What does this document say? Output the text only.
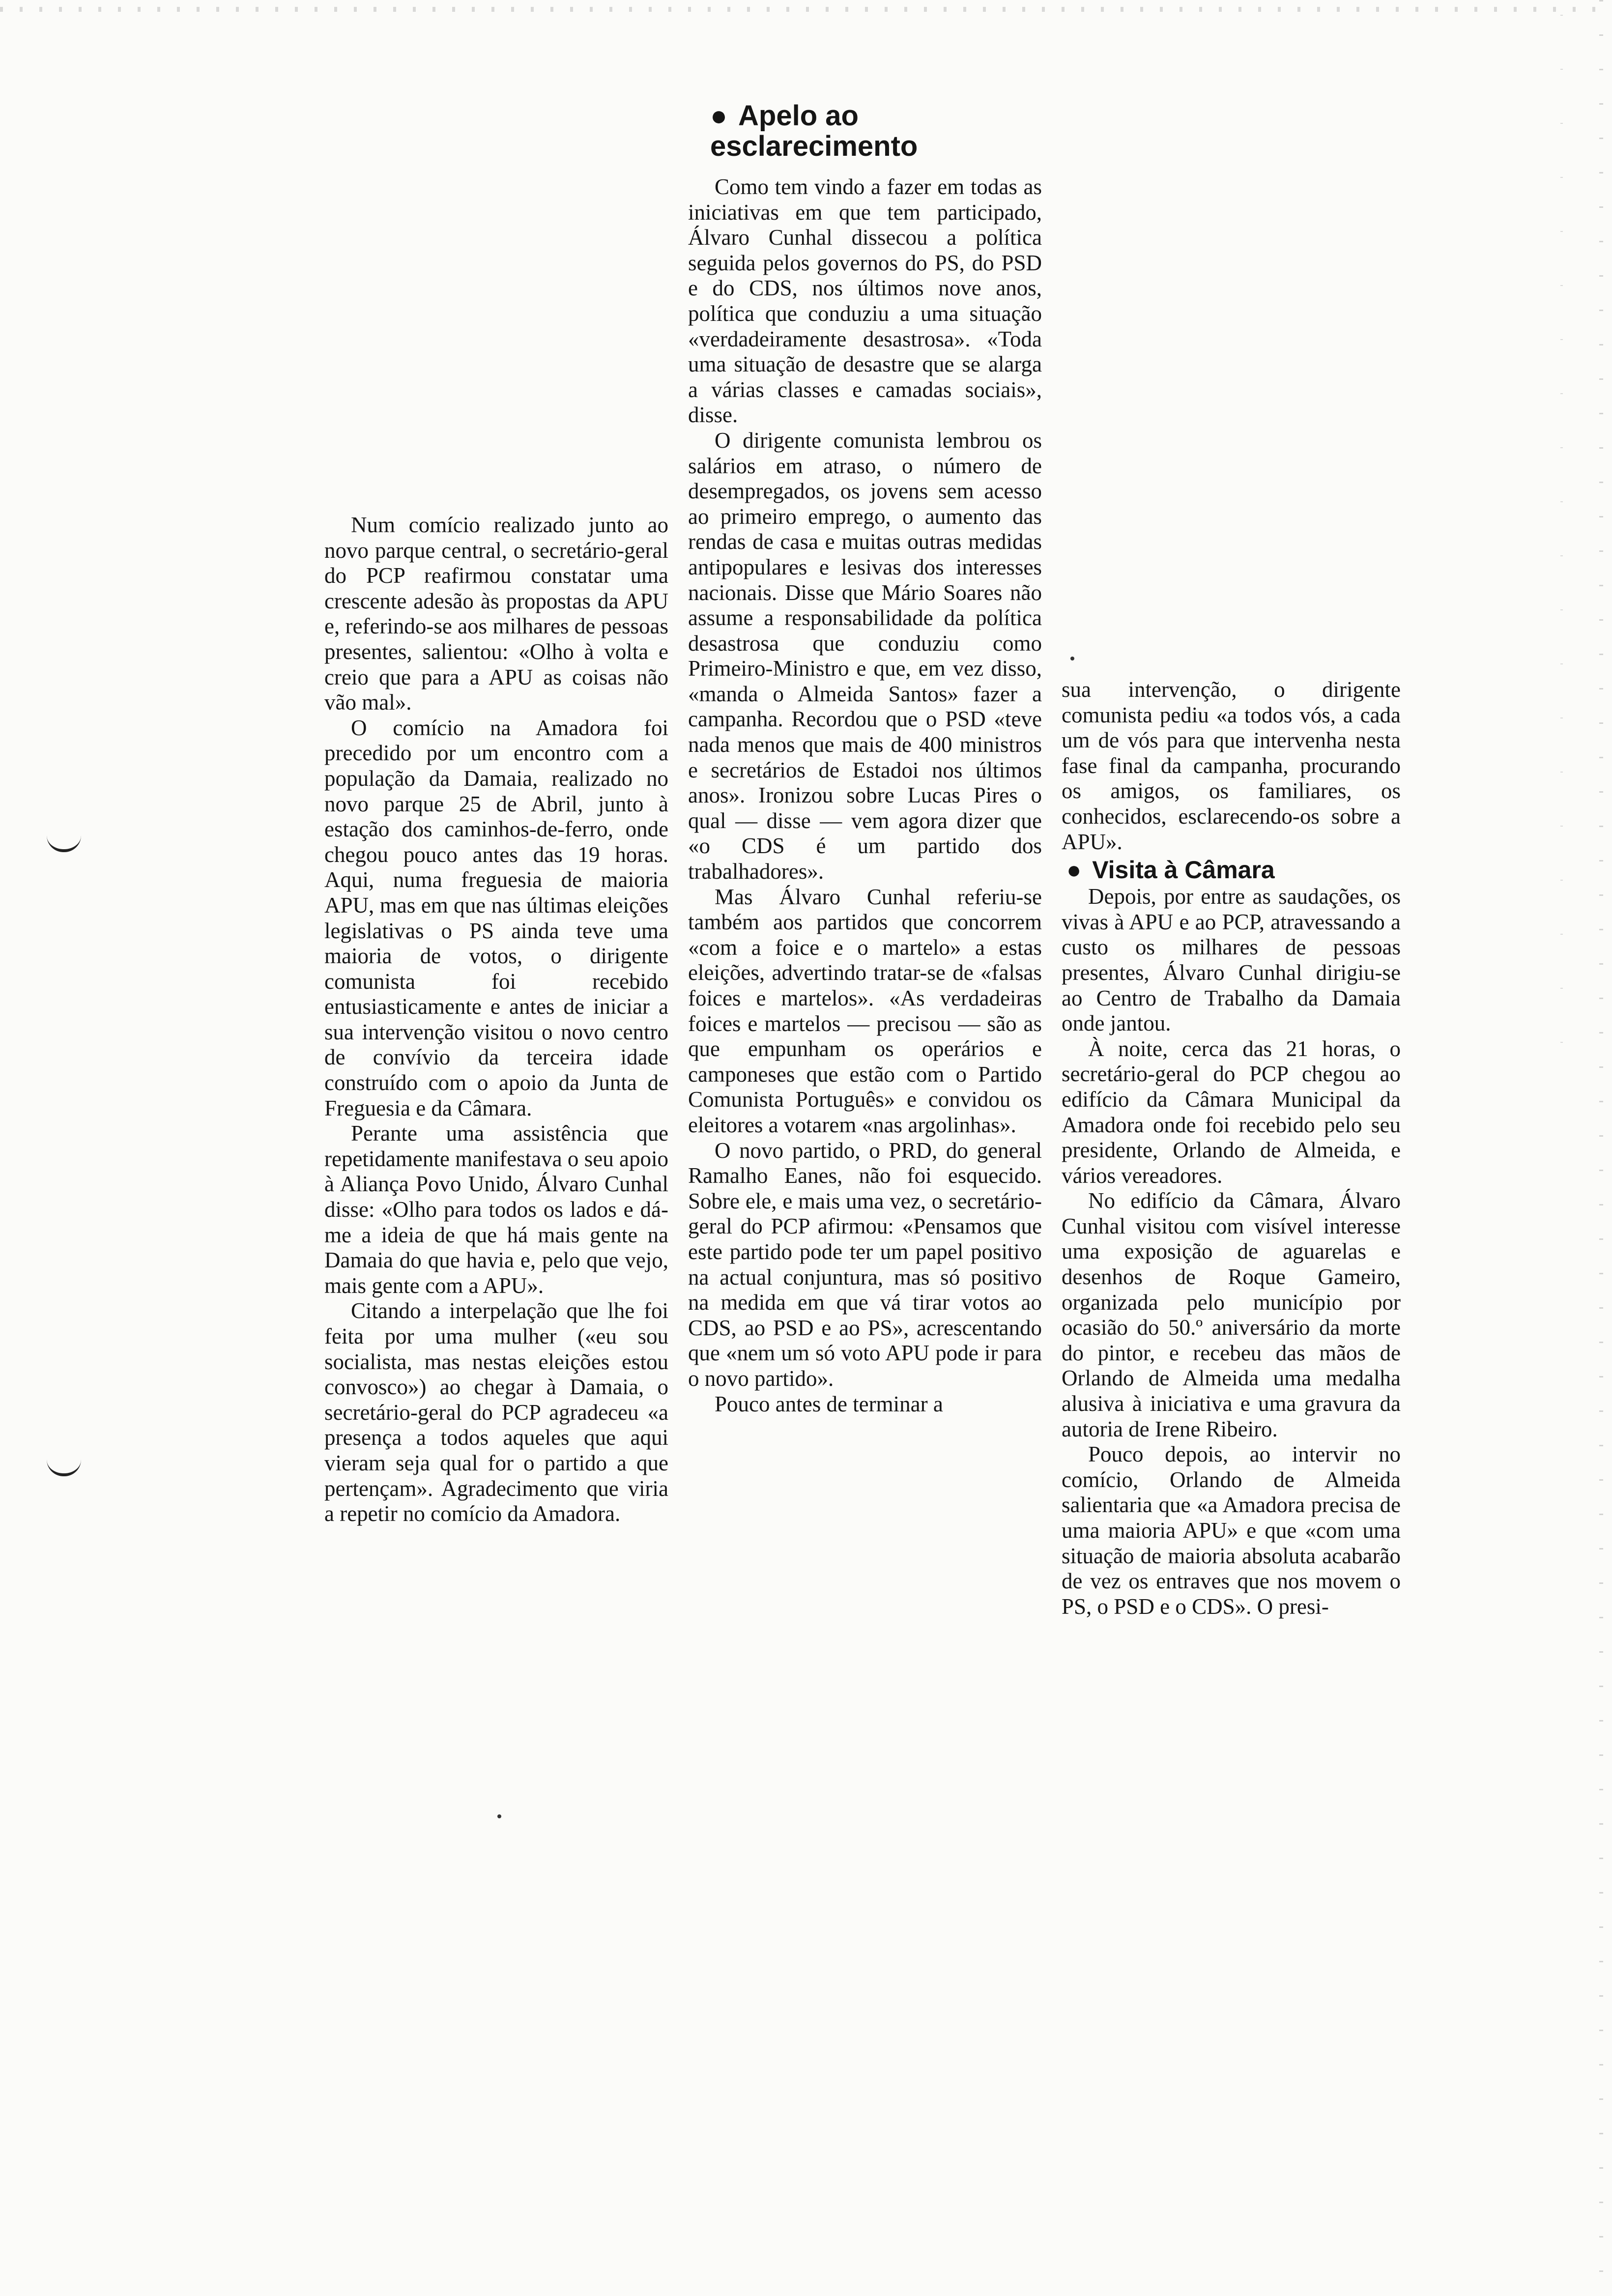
Num comício realizado junto ao novo parque central, o secretário-geral do PCP reafirmou constatar uma crescente adesão às propostas da APU e, referindo-se aos milhares de pessoas presentes, salientou: «Olho à volta e creio que para a APU as coisas não vão mal».

O comício na Amadora foi precedido por um encontro com a população da Damaia, realizado no novo parque 25 de Abril, junto à estação dos caminhos-de-ferro, onde chegou pouco antes das 19 horas. Aqui, numa freguesia de maioria APU, mas em que nas últimas eleições legislativas o PS ainda teve uma maioria de votos, o dirigente comunista foi recebido entusiasticamente e antes de iniciar a sua intervenção visitou o novo centro de convívio da terceira idade construído com o apoio da Junta de Freguesia e da Câmara.

Perante uma assistência que repetidamente manifestava o seu apoio à Aliança Povo Unido, Álvaro Cunhal disse: «Olho para todos os lados e dá-me a ideia de que há mais gente na Damaia do que havia e, pelo que vejo, mais gente com a APU».

Citando a interpelação que lhe foi feita por uma mulher («eu sou socialista, mas nestas eleições estou convosco») ao chegar à Damaia, o secretário-geral do PCP agradeceu «a presença a todos aqueles que aqui vieram seja qual for o partido a que pertençam». Agradecimento que viria a repetir no comício da Amadora.

● Apelo ao esclarecimento

Como tem vindo a fazer em todas as iniciativas em que tem participado, Álvaro Cunhal dissecou a política seguida pelos governos do PS, do PSD e do CDS, nos últimos nove anos, política que conduziu a uma situação «verdadeiramente desastrosa». «Toda uma situação de desastre que se alarga a várias classes e camadas sociais», disse.

O dirigente comunista lembrou os salários em atraso, o número de desempregados, os jovens sem acesso ao primeiro emprego, o aumento das rendas de casa e muitas outras medidas antipopulares e lesivas dos interesses nacionais. Disse que Mário Soares não assume a responsabilidade da política desastrosa que conduziu como Primeiro-Ministro e que, em vez disso, «manda o Almeida Santos» fazer a campanha. Recordou que o PSD «teve nada menos que mais de 400 ministros e secretários de Estadoi nos últimos anos». Ironizou sobre Lucas Pires o qual — disse — vem agora dizer que «o CDS é um partido dos trabalhadores».

Mas Álvaro Cunhal referiu-se também aos partidos que concorrem «com a foice e o martelo» a estas eleições, advertindo tratar-se de «falsas foices e martelos». «As verdadeiras foices e martelos — precisou — são as que empunham os operários e camponeses que estão com o Partido Comunista Português» e convidou os eleitores a votarem «nas argolinhas».

O novo partido, o PRD, do general Ramalho Eanes, não foi esquecido. Sobre ele, e mais uma vez, o secretário-geral do PCP afirmou: «Pensamos que este partido pode ter um papel positivo na actual conjuntura, mas só positivo na medida em que vá tirar votos ao CDS, ao PSD e ao PS», acrescentando que «nem um só voto APU pode ir para o novo partido».

Pouco antes de terminar a

sua intervenção, o dirigente comunista pediu «a todos vós, a cada um de vós para que intervenha nesta fase final da campanha, procurando os amigos, os familiares, os conhecidos, esclarecendo-os sobre a APU».

● Visita à Câmara

Depois, por entre as saudações, os vivas à APU e ao PCP, atravessando a custo os milhares de pessoas presentes, Álvaro Cunhal dirigiu-se ao Centro de Trabalho da Damaia onde jantou.

À noite, cerca das 21 horas, o secretário-geral do PCP chegou ao edifício da Câmara Municipal da Amadora onde foi recebido pelo seu presidente, Orlando de Almeida, e vários vereadores.

No edifício da Câmara, Álvaro Cunhal visitou com visível interesse uma exposição de aguarelas e desenhos de Roque Gameiro, organizada pelo município por ocasião do 50.º aniversário da morte do pintor, e recebeu das mãos de Orlando de Almeida uma medalha alusiva à iniciativa e uma gravura da autoria de Irene Ribeiro.

Pouco depois, ao intervir no comício, Orlando de Almeida salientaria que «a Amadora precisa de uma maioria APU» e que «com uma situação de maioria absoluta acabarão de vez os entraves que nos movem o PS, o PSD e o CDS». O presi-
